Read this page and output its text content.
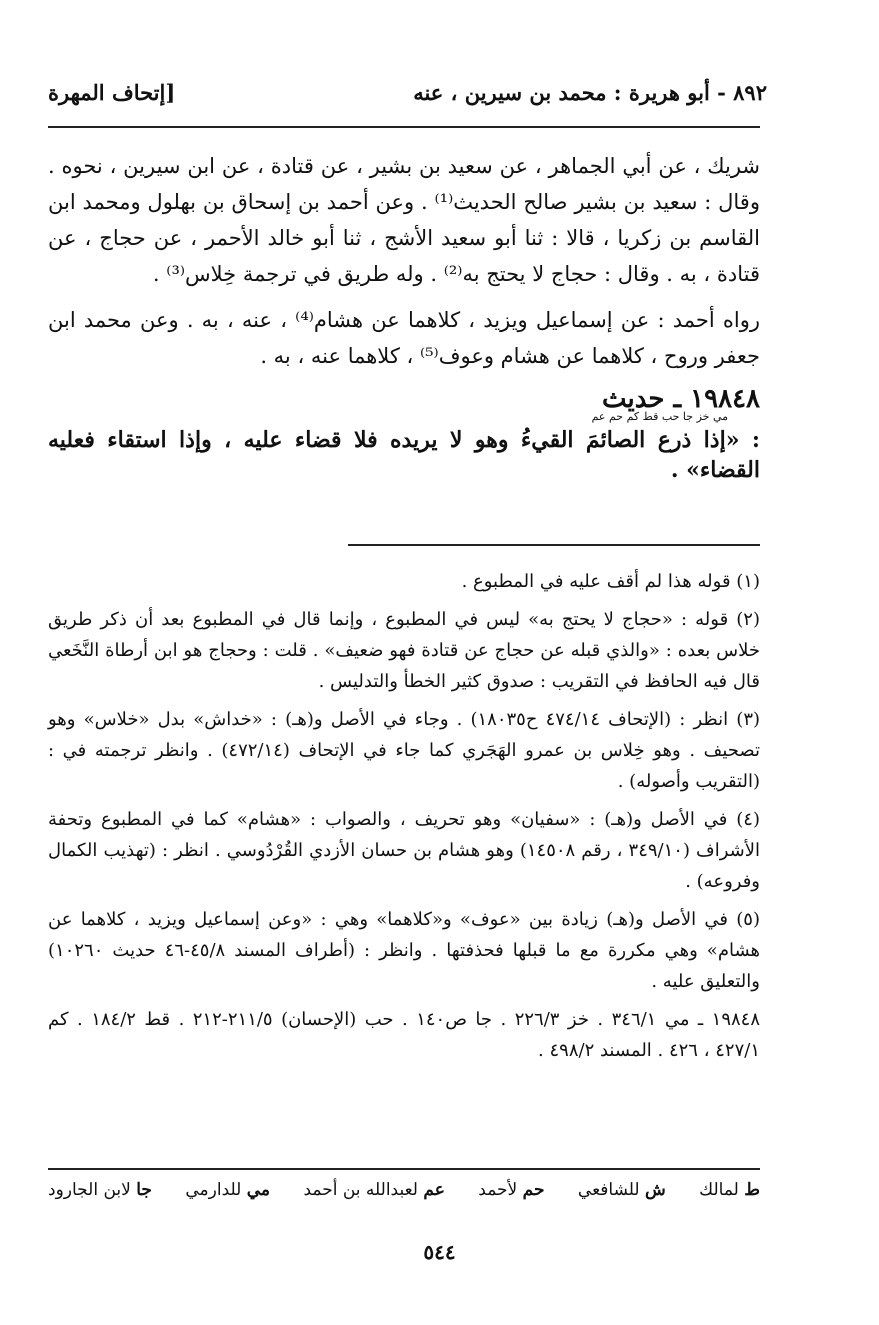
٨٩٢ - أبو هريرة : محمد بن سيرين ، عنه
[إتحاف المهرة

شريك ، عن أبي الجماهر ، عن سعيد بن بشير ، عن قتادة ، عن ابن سيرين ، نحوه . وقال : سعيد بن بشير صالح الحديث⁽¹⁾ . وعن أحمد بن إسحاق بن بهلول ومحمد ابن القاسم بن زكريا ، قالا : ثنا أبو سعيد الأشج ، ثنا أبو خالد الأحمر ، عن حجاج ، عن قتادة ، به . وقال : حجاج لا يحتج به⁽²⁾ . وله طريق في ترجمة خِلاس⁽³⁾ .

رواه أحمد : عن إسماعيل ويزيد ، كلاهما عن هشام⁽⁴⁾ ، عنه ، به . وعن محمد ابن جعفر وروح ، كلاهما عن هشام وعوف⁽⁵⁾ ، كلاهما عنه ، به .

١٩٨٤٨ ـ حديث
مي خز جا حب قط كم حم عم
: «إذا ذرع الصائمَ القيءُ وهو لا يريده فلا قضاء عليه ، وإذا استقاء فعليه القضاء» .

(١) قوله هذا لم أقف عليه في المطبوع .

(٢) قوله : «حجاج لا يحتج به» ليس في المطبوع ، وإنما قال في المطبوع بعد أن ذكر طريق خلاس بعده : «والذي قبله عن حجاج عن قتادة فهو ضعيف» . قلت : وحجاج هو ابن أرطاة النَّخَعي قال فيه الحافظ في التقريب : صدوق كثير الخطأ والتدليس .

(٣) انظر : (الإتحاف ٤٧٤/١٤ ح١٨٠٣٥) . وجاء في الأصل و(هـ) : «خداش» بدل «خلاس» وهو تصحيف . وهو خِلاس بن عمرو الهَجَري كما جاء في الإتحاف (٤٧٢/١٤) . وانظر ترجمته في : (التقريب وأصوله) .

(٤) في الأصل و(هـ) : «سفيان» وهو تحريف ، والصواب : «هشام» كما في المطبوع وتحفة الأشراف (٣٤٩/١٠ ، رقم ١٤٥٠٨) وهو هشام بن حسان الأزدي القُرْدُوسي . انظر : (تهذيب الكمال وفروعه) .

(٥) في الأصل و(هـ) زيادة بين «عوف» و«كلاهما» وهي : «وعن إسماعيل ويزيد ، كلاهما عن هشام» وهي مكررة مع ما قبلها فحذفتها . وانظر : (أطراف المسند ٤٥/٨-٤٦ حديث ١٠٢٦٠) والتعليق عليه .

١٩٨٤٨ ـ مي ٣٤٦/١ . خز ٢٢٦/٣ . جا ص١٤٠ . حب (الإحسان) ٢١١/٥-٢١٢ . قط ١٨٤/٢ . كم ٤٢٧/١ ، ٤٢٦ . المسند ٤٩٨/٢ .

ط لمالك
ش للشافعي
حم لأحمد
عم لعبدالله بن أحمد
مي للدارمي
جا لابن الجارود
٥٤٤
